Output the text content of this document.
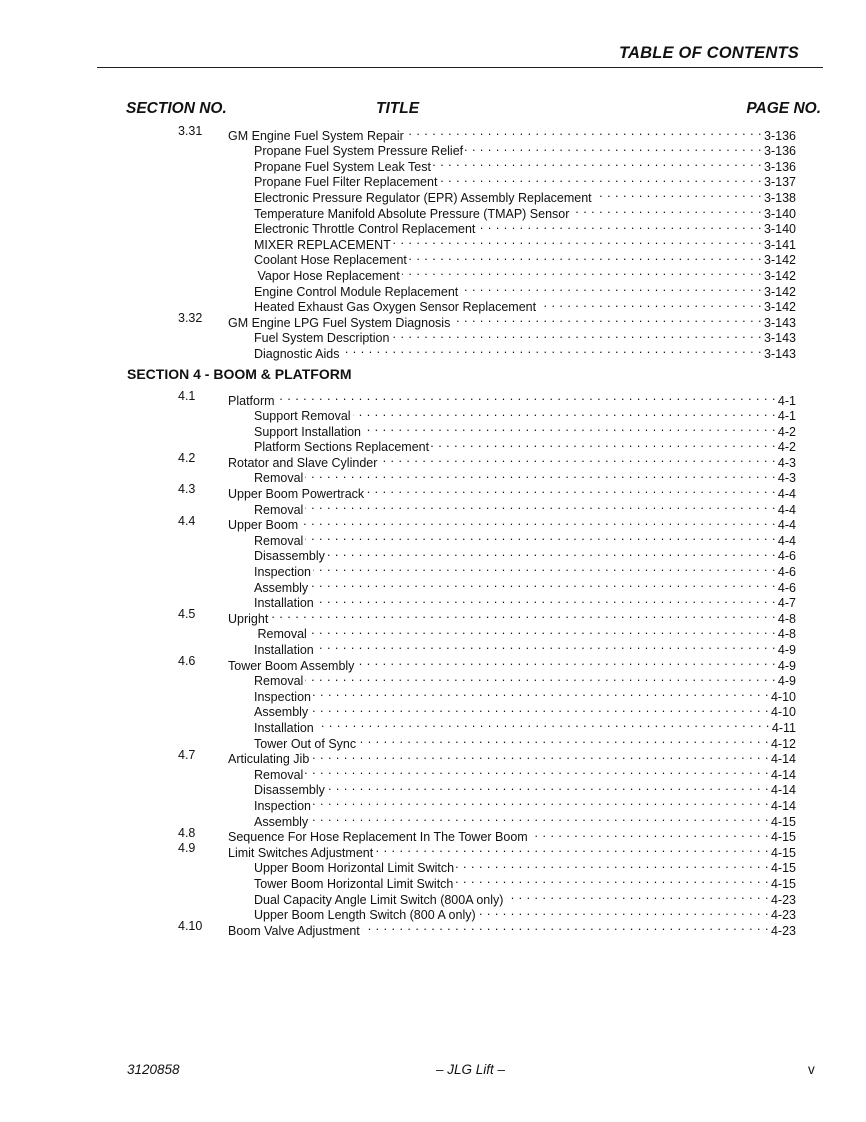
TABLE OF CONTENTS
SECTION NO.	TITLE	PAGE NO.
3.31 GM Engine Fuel System Repair . . .	3-136
Propane Fuel System Pressure Relief . . .	3-136
Propane Fuel System Leak Test . . .	3-136
Propane Fuel Filter Replacement . . .	3-137
Electronic Pressure Regulator (EPR) Assembly Replacement . . .	3-138
Temperature Manifold Absolute Pressure (TMAP) Sensor . . .	3-140
Electronic Throttle Control Replacement . . .	3-140
MIXER REPLACEMENT . . .	3-141
Coolant Hose Replacement . . .	3-142
Vapor Hose Replacement . . .	3-142
Engine Control Module Replacement . . .	3-142
Heated Exhaust Gas Oxygen Sensor Replacement . . .	3-142
3.32 GM Engine LPG Fuel System Diagnosis . . .	3-143
Fuel System Description . . .	3-143
Diagnostic Aids . . .	3-143
SECTION 4 - BOOM & PLATFORM
4.1	Platform . . .	4-1
Support Removal . . .	4-1
Support Installation . . .	4-2
Platform Sections Replacement . . .	4-2
4.2	Rotator and Slave Cylinder . . .	4-3
Removal . . .	4-3
4.3	Upper Boom Powertrack . . .	4-4
Removal . . .	4-4
4.4	Upper Boom . . .	4-4
Removal . . .	4-4
Disassembly . . .	4-6
Inspection . . .	4-6
Assembly . . .	4-6
Installation . . .	4-7
4.5	Upright . . .	4-8
Removal . . .	4-8
Installation . . .	4-9
4.6	Tower Boom Assembly . . .	4-9
Removal . . .	4-9
Inspection . . .	4-10
Assembly . . .	4-10
Installation . . .	4-11
Tower Out of Sync . . .	4-12
4.7	Articulating Jib . . .	4-14
Removal . . .	4-14
Disassembly . . .	4-14
Inspection . . .	4-14
Assembly . . .	4-15
4.8	Sequence For Hose Replacement In The Tower Boom . . .	4-15
4.9	Limit Switches Adjustment . . .	4-15
Upper Boom Horizontal Limit Switch . . .	4-15
Tower Boom Horizontal Limit Switch . . .	4-15
Dual Capacity Angle Limit Switch (800A only) . . .	4-23
Upper Boom Length Switch (800 A only) . . .	4-23
4.10 Boom Valve Adjustment . . .	4-23
3120858	– JLG Lift –	v
